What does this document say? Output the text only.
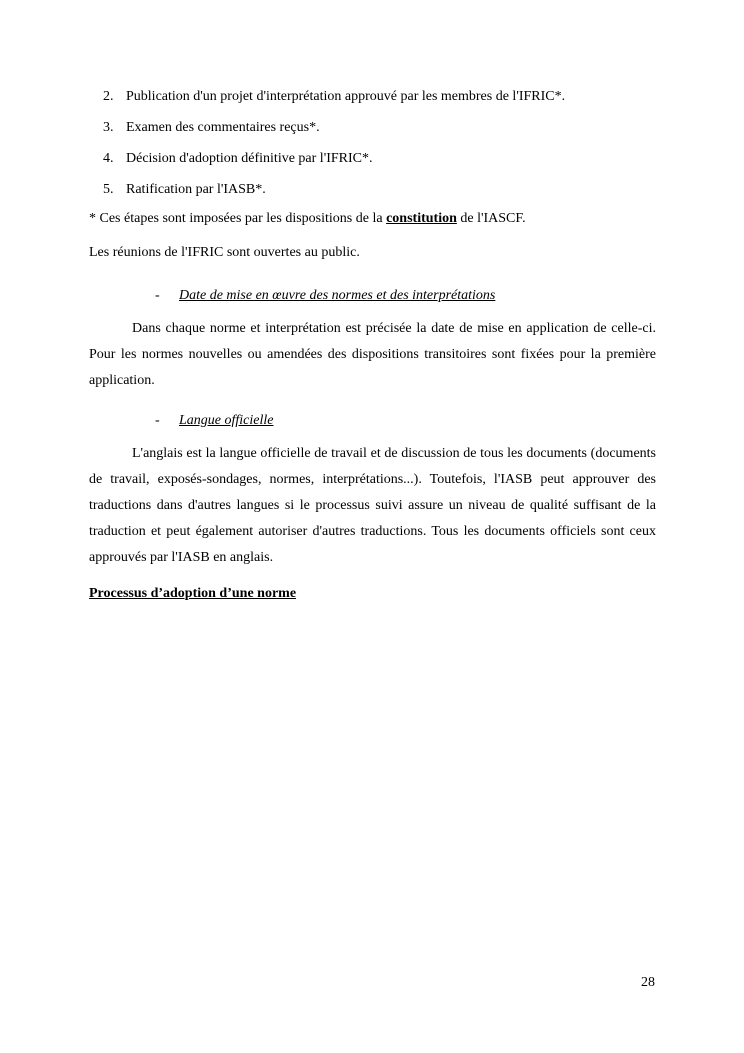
2. Publication d'un projet d'interprétation approuvé par les membres de l'IFRIC*.
3. Examen des commentaires reçus*.
4. Décision d'adoption définitive par l'IFRIC*.
5. Ratification par l'IASB*.
* Ces étapes sont imposées par les dispositions de la constitution de l'IASCF.
Les réunions de l'IFRIC sont ouvertes au public.
- Date de mise en œuvre des normes et des interprétations

Dans chaque norme et interprétation est précisée la date de mise en application de celle-ci. Pour les normes nouvelles ou amendées des dispositions transitoires sont fixées pour la première application.

- Langue officielle

L'anglais est la langue officielle de travail et de discussion de tous les documents (documents de travail, exposés-sondages, normes, interprétations...). Toutefois, l'IASB peut approuver des traductions dans d'autres langues si le processus suivi assure un niveau de qualité suffisant de la traduction et peut également autoriser d'autres traductions. Tous les documents officiels sont ceux approuvés par l'IASB en anglais.

Processus d’adoption d’une norme
28
